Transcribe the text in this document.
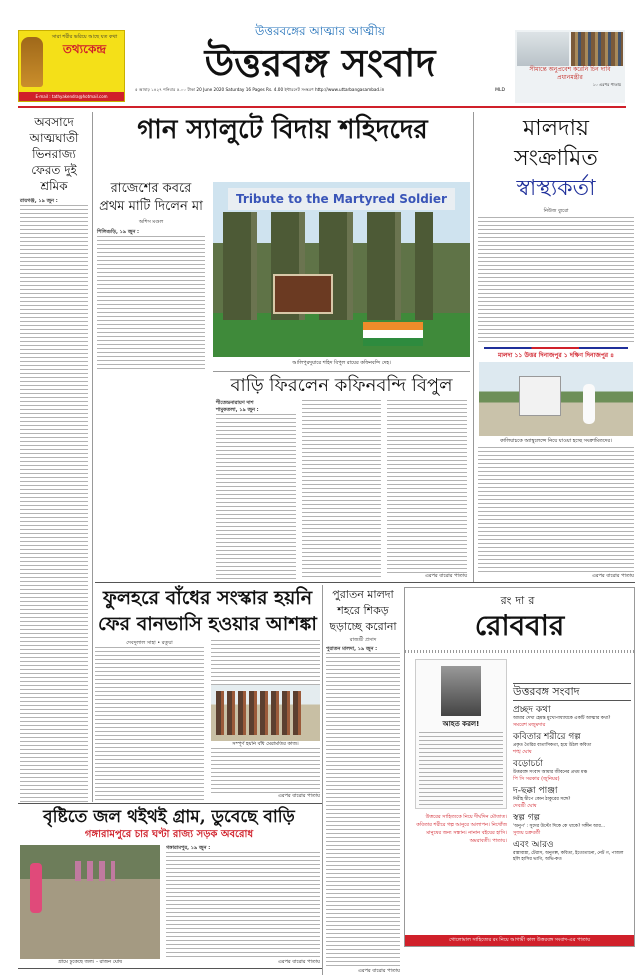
সারা শরীর ভরিয়ে আছে যত কথা
তথ্যকেন্দ্র
E-mail : tathyakendra@hotmail.com
উত্তরবঙ্গের আত্মার আত্মীয়
উত্তরবঙ্গ সংবাদ
৫ আষাঢ় ১৪২৭ শনিবার ৫.০০ টাকা 20 June 2020 Saturday 16 Pages Rs. 4.00 ইন্টারনেট সংস্করণ http://www.uttarbangasambad.in	MLD
সীমান্তে অনুপ্রবেশ করেনি চিন দাবি প্রধানমন্ত্রীর
১০ এরপর পাতায়
অবসাদে আত্মঘাতী ভিনরাজ্য ফেরত দুই শ্রমিক
রায়গঞ্জ, ১৯ জুন :
গান স্যালুটে বিদায় শহিদদের
রাজেশের কবরে প্রথম মাটি দিলেন মা
অশিস মণ্ডল
শিলিগুড়ি, ১৯ জুন :
Tribute to the Martyred Soldier
আলিপুরদুয়ারে শহিদ বিপুল রায়ের কফিনবন্দি দেহ।
বাড়ি ফিরলেন কফিনবন্দি বিপুল
শীতেন্দ্রনারায়ণ দাশ
শামুকতলা, ১৯ জুন :
এরপর বারোর পাতায়
মালদায়
সংক্রামিত
স্বাস্থ্যকর্তা
নিউজ ব্যুরো
মালদা ১১ উত্তর দিনাজপুর ১ দক্ষিণ দিনাজপুর ৪
কালিয়াচকে অ্যাম্বুলেন্সে নিয়ে যাওয়া হচ্ছে সংক্রামিতদের।
এরপর বারোর পাতায়
ফুলহরে বাঁধের সংস্কার হয়নি ফের বানভাসি হওয়ার আশঙ্কা
দেবদুলাল সাহা • রতুয়া
সম্পূর্ণ হয়নি বাঁধ মেরামতির কাজ।
এরপর বারোর পাতায়
পুরাতন মালদা শহরে শিকড় ছড়াচ্ছে করোনা
রাজশ্রী প্রসাদ
পুরাতন মালদা, ১৯ জুন :
এরপর বারোর পাতায়
রংদার
রোববার
আহত করল!
উত্তরের সাহিত্যকে নিয়ে দীর্ঘদিন মৌতাত। কবিতার শরীরে গল্প আনুরে আলাপন। নিখোঁজ মানুষের জন্য সন্ধান। নানান বইয়ের হাসি। অমরাবতী। পাতায়।
উত্তরবঙ্গ সংবাদ
প্রচ্ছদ কথা
আমার দেখা হেমন্ত মুখোপাধ্যায়কে একটি আত্মার কথা?
সমরেশ মজুমদার
কবিতার শরীরে গল্প
প্রকৃত তৈরির বাতাসিকতা, হয়ে উঠল কবিতা
শঙ্খ ঘোষ
বড়োচর্চা
উত্তরবঙ্গ সংবাদ আমার জীবনের প্রথম মঞ্চ
পি সি সরকার (জুনিয়র)
দ-ছক্কা পাঞ্জা
নিরীহ দ্বীপে কোন ঠাকুরের সঙ্গে?
দেবশ্রী ঘোষ
স্বল্প গল্প
'অনুপ' : সুদের উল্টো দিকে কে থাকে? সঙ্গীন আর...
সুজয় চক্রবর্তী
এবং আরও
রান্নাবান্না, টেরাস, অনুগল্প, কবিতা, ইত্যেতানো, নেট গ, পাজল হলি হাসির ভাগি, অভি-কত
গোলোমাল সাহিত্যের রং নিয়ে আগামী কাল উত্তরবঙ্গ সংবাদ-এর পাতায়
বৃষ্টিতে জল থইথই গ্রাম, ডুবেছে বাড়ি
গঙ্গারামপুরে চার ঘণ্টা রাজ্য সড়ক অবরোধ
গ্রামে ঢুকেছে জল। - রাজন ঘোষ
গঙ্গারামপুর, ১৯ জুন :
এরপর বারোর পাতায়
